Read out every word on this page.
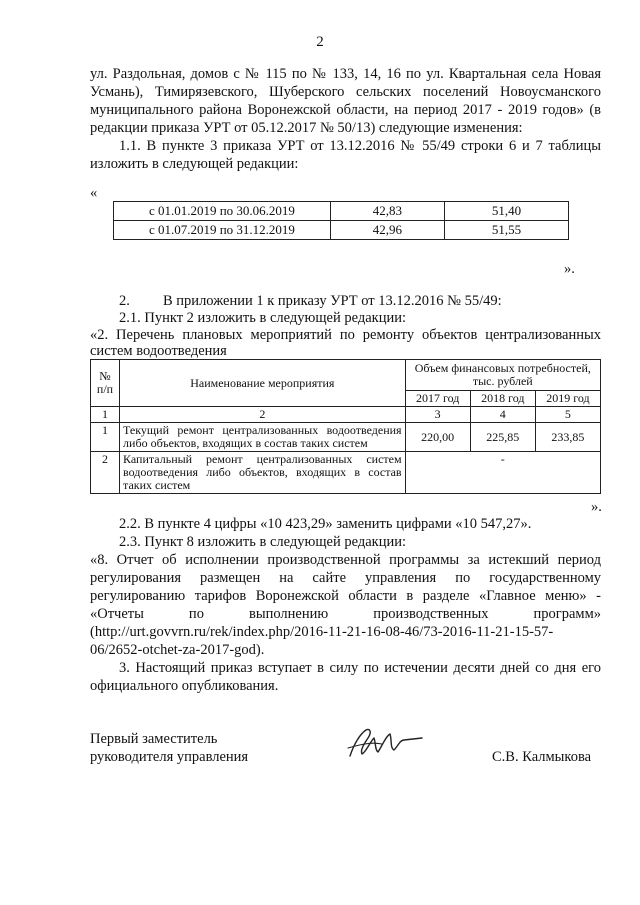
2
ул. Раздольная, домов с № 115 по № 133, 14, 16 по ул. Квартальная села Новая
Усмань), Тимирязевского, Шуберского сельских поселений Новоусманского
муниципального района Воронежской области, на период 2017 - 2019 годов» (в
редакции приказа УРТ от 05.12.2017 № 50/13) следующие изменения:
1.1. В пункте 3 приказа УРТ от 13.12.2016 № 55/49 строки 6 и 7 таблицы
изложить в следующей редакции:
«
с 01.01.2019 по 30.06.2019	42,83	51,40
с 01.07.2019 по 31.12.2019	42,96	51,55
».
2. В приложении 1 к приказу УРТ от 13.12.2016 № 55/49:
2.1. Пункт 2 изложить в следующей редакции:
«2. Перечень плановых мероприятий по ремонту объектов централизованных
систем водоотведения
№ п/п	Наименование мероприятия	Объем финансовых потребностей, тыс. рублей		
		2017 год	2018 год	2019 год
1	2	3	4	5
1	Текущий ремонт централизованных водоотведения либо объектов, входящих в состав таких систем	220,00	225,85	233,85
2	Капитальный ремонт централизованных систем водоотведения либо объектов, входящих в состав таких систем	-		
».
2.2. В пункте 4 цифры «10 423,29» заменить цифрами «10 547,27».
2.3. Пункт 8 изложить в следующей редакции:
«8. Отчет об исполнении производственной программы за истекший период
регулирования размещен на сайте управления по государственному
регулированию тарифов Воронежской области в разделе «Главное меню» -
«Отчеты по выполнению производственных программ»
(http://urt.govvrn.ru/rek/index.php/2016-11-21-16-08-46/73-2016-11-21-15-57-
06/2652-otchet-za-2017-god).
3. Настоящий приказ вступает в силу по истечении десяти дней со дня его
официального опубликования.
Первый заместитель
руководителя управления	С.В. Калмыкова
